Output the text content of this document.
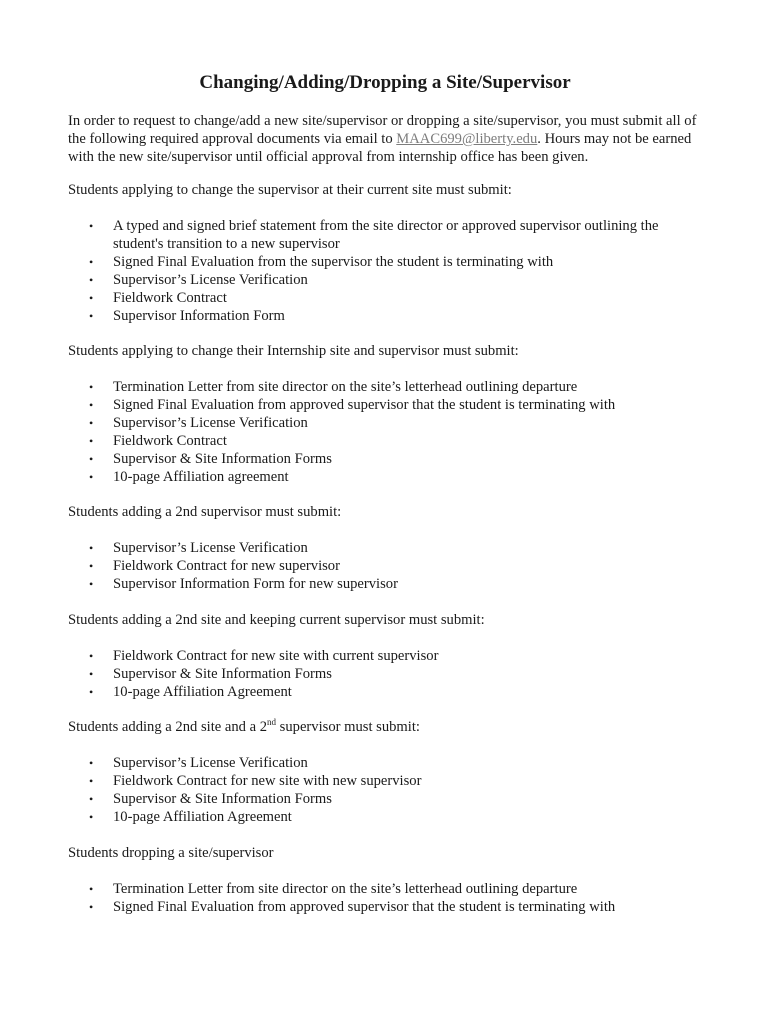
Changing/Adding/Dropping a Site/Supervisor
In order to request to change/add a new site/supervisor or dropping a site/supervisor, you must submit all of the following required approval documents via email to MAAC699@liberty.edu. Hours may not be earned with the new site/supervisor until official approval from internship office has been given.
Students applying to change the supervisor at their current site must submit:
• A typed and signed brief statement from the site director or approved supervisor outlining the student's transition to a new supervisor
• Signed Final Evaluation from the supervisor the student is terminating with
• Supervisor’s License Verification
• Fieldwork Contract
• Supervisor Information Form
Students applying to change their Internship site and supervisor must submit:
• Termination Letter from site director on the site’s letterhead outlining departure
• Signed Final Evaluation from approved supervisor that the student is terminating with
• Supervisor’s License Verification
• Fieldwork Contract
• Supervisor & Site Information Forms
• 10-page Affiliation agreement
Students adding a 2nd supervisor must submit:
• Supervisor’s License Verification
• Fieldwork Contract for new supervisor
• Supervisor Information Form for new supervisor
Students adding a 2nd site and keeping current supervisor must submit:
• Fieldwork Contract for new site with current supervisor
• Supervisor & Site Information Forms
• 10-page Affiliation Agreement
Students adding a 2nd site and a 2nd supervisor must submit:
• Supervisor’s License Verification
• Fieldwork Contract for new site with new supervisor
• Supervisor & Site Information Forms
• 10-page Affiliation Agreement
Students dropping a site/supervisor
• Termination Letter from site director on the site’s letterhead outlining departure
• Signed Final Evaluation from approved supervisor that the student is terminating with
